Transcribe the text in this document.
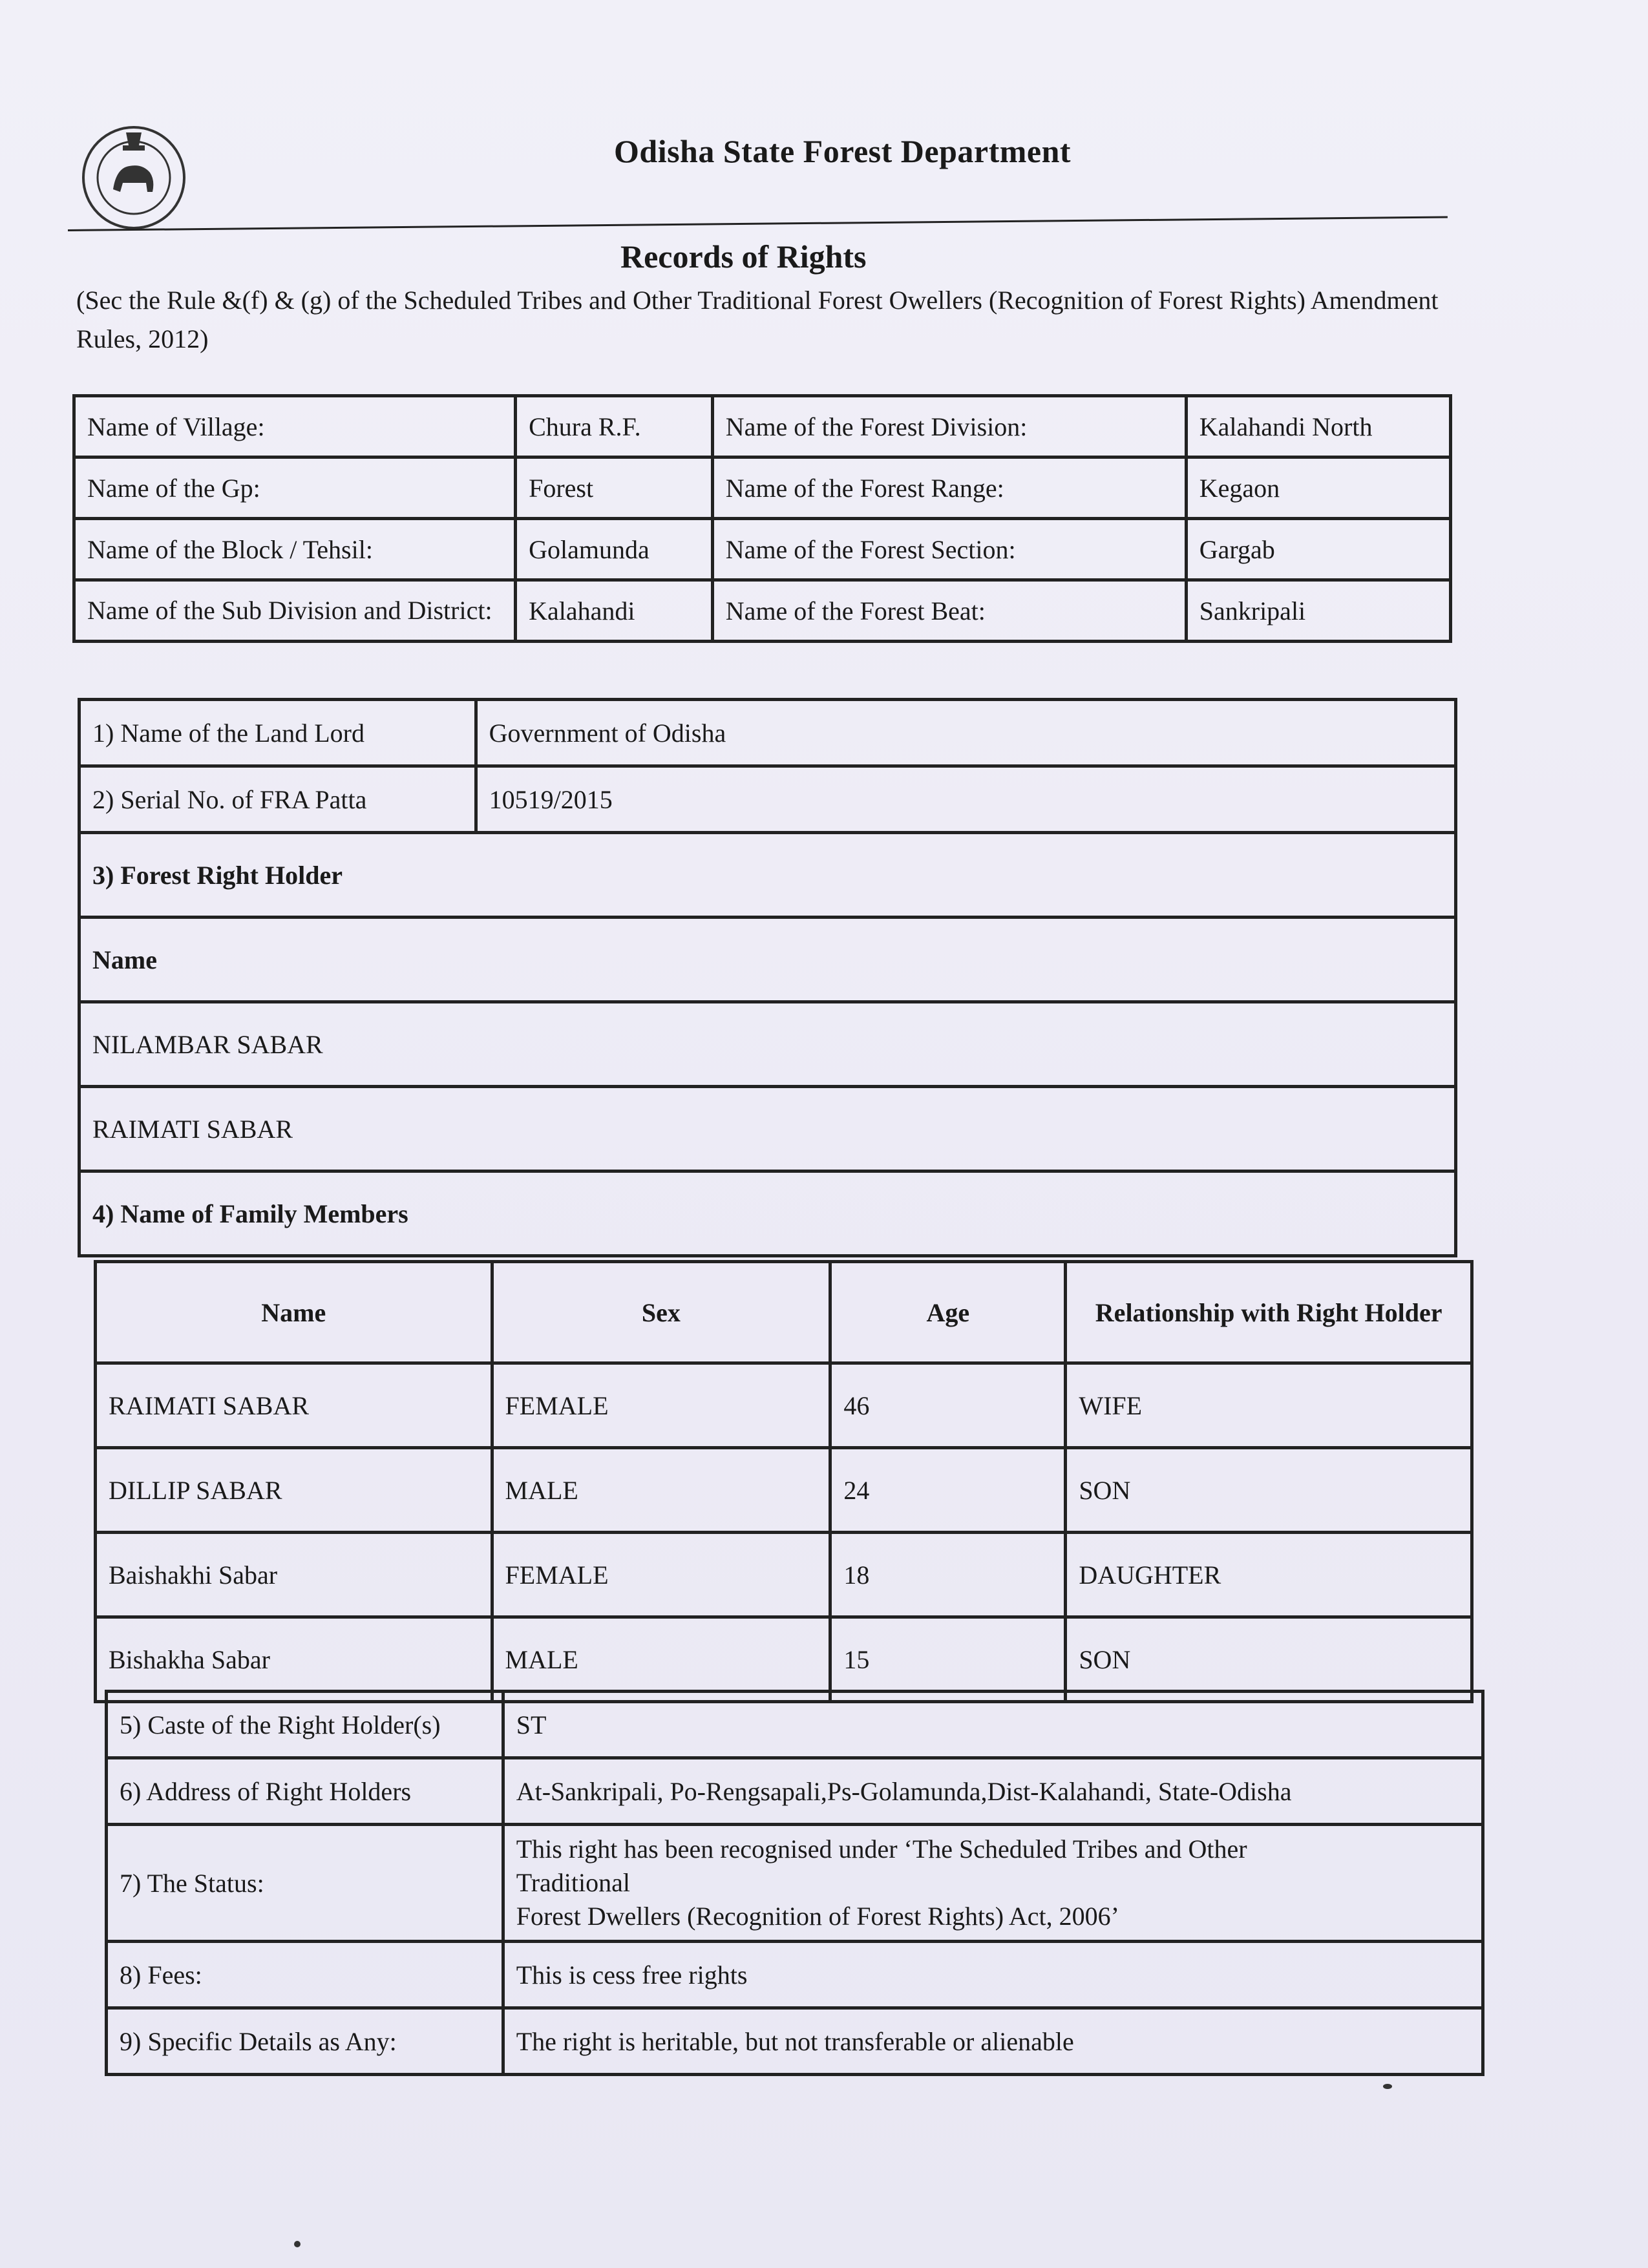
Odisha State Forest Department
Records of Rights
(Sec the Rule &(f) & (g) of the Scheduled Tribes and Other Traditional Forest Owellers (Recognition of Forest Rights) Amendment Rules, 2012)
Name of Village:	Chura R.F.	Name of the Forest Division:	Kalahandi North
Name of the Gp:	Forest	Name of the Forest Range:	Kegaon
Name of the Block / Tehsil:	Golamunda	Name of the Forest Section:	Gargab
Name of the Sub Division and District:	Kalahandi	Name of the Forest Beat:	Sankripali
1) Name of the Land Lord	Government of Odisha
2) Serial No. of FRA Patta	10519/2015
3) Forest Right Holder	
Name	
NILAMBAR SABAR	
RAIMATI SABAR	
4) Name of Family Members	
Name	Sex	Age	Relationship with Right Holder
RAIMATI SABAR	FEMALE	46	WIFE
DILLIP SABAR	MALE	24	SON
Baishakhi Sabar	FEMALE	18	DAUGHTER
Bishakha Sabar	MALE	15	SON
5) Caste of the Right Holder(s)	ST
6) Address of Right Holders	At-Sankripali, Po-Rengsapali,Ps-Golamunda,Dist-Kalahandi, State-Odisha
7) The Status:	This right has been recognised under ‘The Scheduled Tribes and Other
Traditional
Forest Dwellers (Recognition of Forest Rights) Act, 2006’

8) Fees:	This is cess free rights
9) Specific Details as Any:	The right is heritable, but not transferable or alienable
